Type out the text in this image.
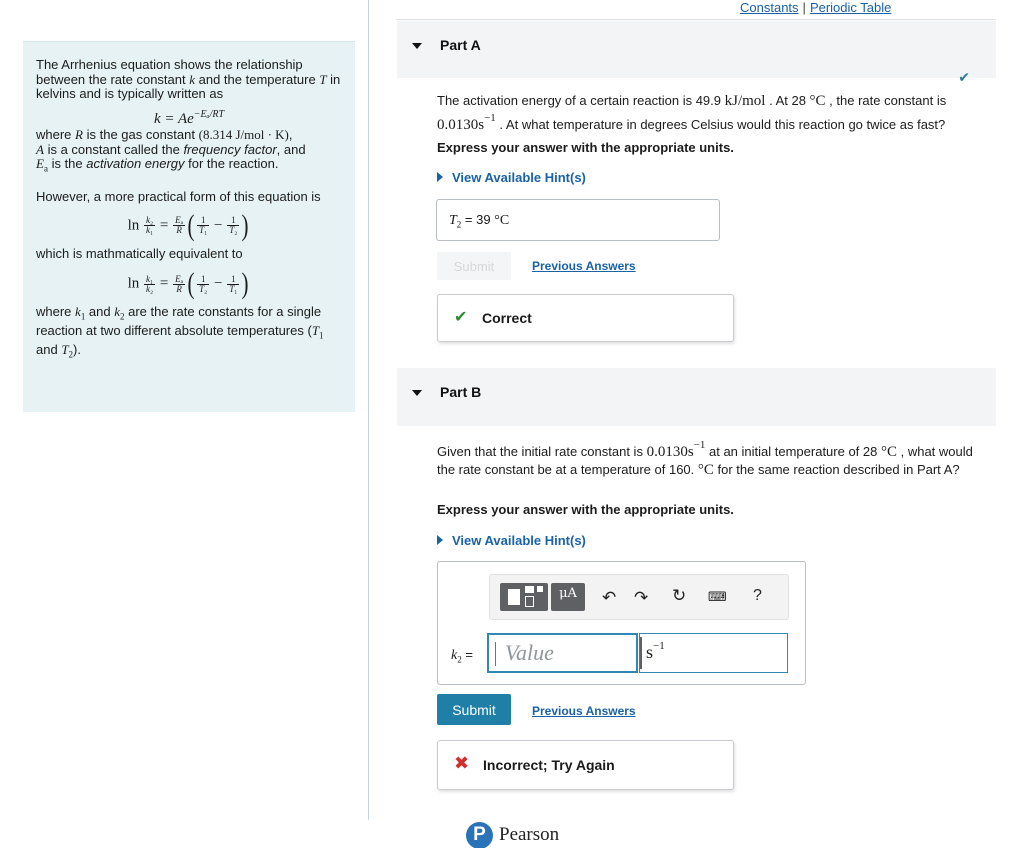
The Arrhenius equation shows the relationship between the rate constant k and the temperature T in kelvins and is typically written as

$k = Ae^{-E_a/RT}$

where R is the gas constant (8.314 J/mol · K),
A is a constant called the frequency factor, and
$E_a$ is the activation energy for the reaction.

However, a more practical form of this equation is

$\ln \frac{\text{k₂}}{\text{k₁}} = \frac{\text{Eₐ}}{R}$ ( $\frac{1}{\text{T₁}} - \frac{1}{\text{T₂}}$ )

which is mathmatically equivalent to

$\ln \frac{\text{k₁}}{\text{k₂}} = \frac{\text{Eₐ}}{R}$ ( $\frac{1}{\text{T₂}} - \frac{1}{\text{T₁}}$ )

where $k_1$ and $k_2$ are the rate constants for a single reaction at two different absolute temperatures ($T_1$ and $T_2$).

Constants | Periodic Table
Part A
✔
The activation energy of a certain reaction is 49.9 kJ/mol . At 28 °C , the rate constant is $0.0130s^{-1}$ . At what temperature in degrees Celsius would this reaction go twice as fast?
Express your answer with the appropriate units.
View Available Hint(s)
$T_2 = 39$ °C
Submit	Previous Answers
✔ Correct
Part B
Given that the initial rate constant is $0.0130s^{-1}$ at an initial temperature of 28 °C , what would the rate constant be at a temperature of 160. °C for the same reaction described in Part A?
Express your answer with the appropriate units.
View Available Hint(s)
μA	↶ ↷ ↻ ⌨ ?
$k_2$ =	Value	$s^{-1}$
Submit	Previous Answers
✖ Incorrect; Try Again
P Pearson
